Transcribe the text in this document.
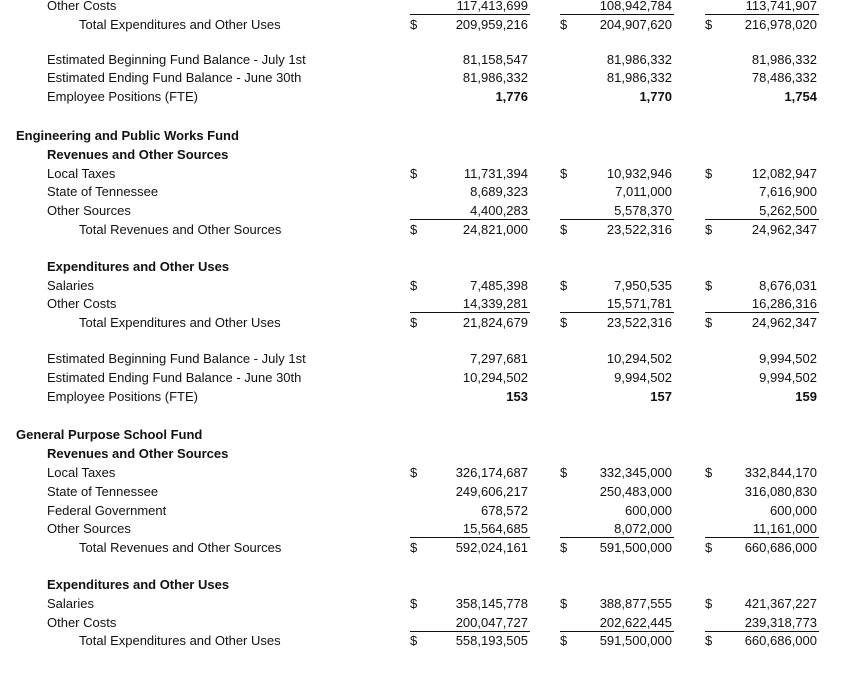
Other Costs	117,413,699	108,942,784	113,741,907
Total Expenditures and Other Uses	$	209,959,216 $ 204,907,620	$ 216,978,020
Estimated Beginning Fund Balance - July 1st	81,158,547	81,986,332	81,986,332
Estimated Ending Fund Balance - June 30th	81,986,332	81,986,332	78,486,332
Employee Positions (FTE)	1,776	1,770	1,754
Engineering and Public Works Fund
Revenues and Other Sources
Local Taxes	$	11,731,394 $	10,932,946	$	12,082,947
State of Tennessee	8,689,323	7,011,000	7,616,900
Other Sources	4,400,283	5,578,370	5,262,500
Total Revenues and Other Sources	$	24,821,000 $	23,522,316	$	24,962,347
Expenditures and Other Uses
Salaries	$	7,485,398 $	7,950,535	$	8,676,031
Other Costs	14,339,281	15,571,781	16,286,316
Total Expenditures and Other Uses	$	21,824,679 $	23,522,316	$	24,962,347
Estimated Beginning Fund Balance - July 1st	7,297,681	10,294,502	9,994,502
Estimated Ending Fund Balance - June 30th	10,294,502	9,994,502	9,994,502
Employee Positions (FTE)	153	157	159
General Purpose School Fund
Revenues and Other Sources
Local Taxes	$	326,174,687 $ 332,345,000	$ 332,844,170
State of Tennessee	249,606,217	250,483,000	316,080,830
Federal Government	678,572	600,000	600,000
Other Sources	15,564,685	8,072,000	11,161,000
Total Revenues and Other Sources	$	592,024,161 $ 591,500,000	$ 660,686,000
Expenditures and Other Uses
Salaries	$	358,145,778 $ 388,877,555	$ 421,367,227
Other Costs	200,047,727	202,622,445	239,318,773
Total Expenditures and Other Uses	$	558,193,505 $ 591,500,000	$ 660,686,000
